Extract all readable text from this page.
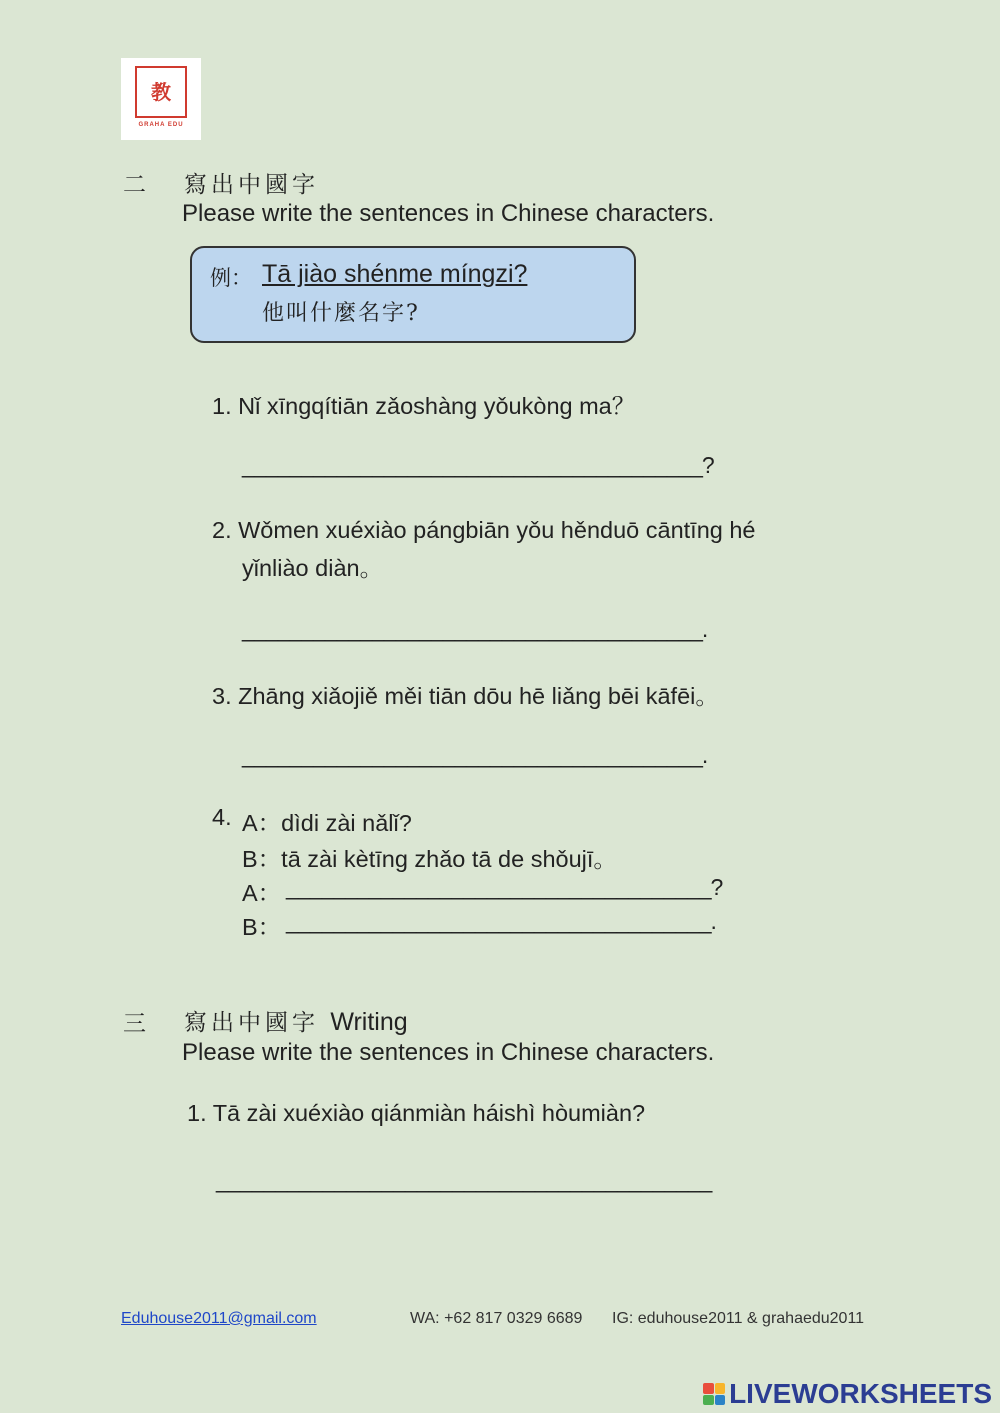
教
GRAHA EDU
二 寫出中國字
Please write the sentences in Chinese characters.
例： Tā jiào shénme míngzi?
他叫什麼名字?
1. Nǐ xīngqítiān zǎoshàng yǒukòng ma？
_______________________________________?
2. Wǒmen xuéxiào pángbiān yǒu hěnduō cāntīng hé
yǐnliào diàn。
_______________________________________.
3. Zhāng xiǎojiě měi tiān dōu hē liǎng bēi kāfēi。
_______________________________________.
4. A：dìdi zài nǎlǐ?
B：tā zài kètīng zhǎo tā de shǒujī。
A： ____________________________________?
B： ____________________________________.
三 寫出中國字 Writing
Please write the sentences in Chinese characters.
1. Tā zài xuéxiào qiánmiàn háishì hòumiàn?
__________________________________________
Eduhouse2011@gmail.com	WA: +62 817 0329 6689 IG: eduhouse2011 & grahaedu2011
LIVEWORKSHEETS
